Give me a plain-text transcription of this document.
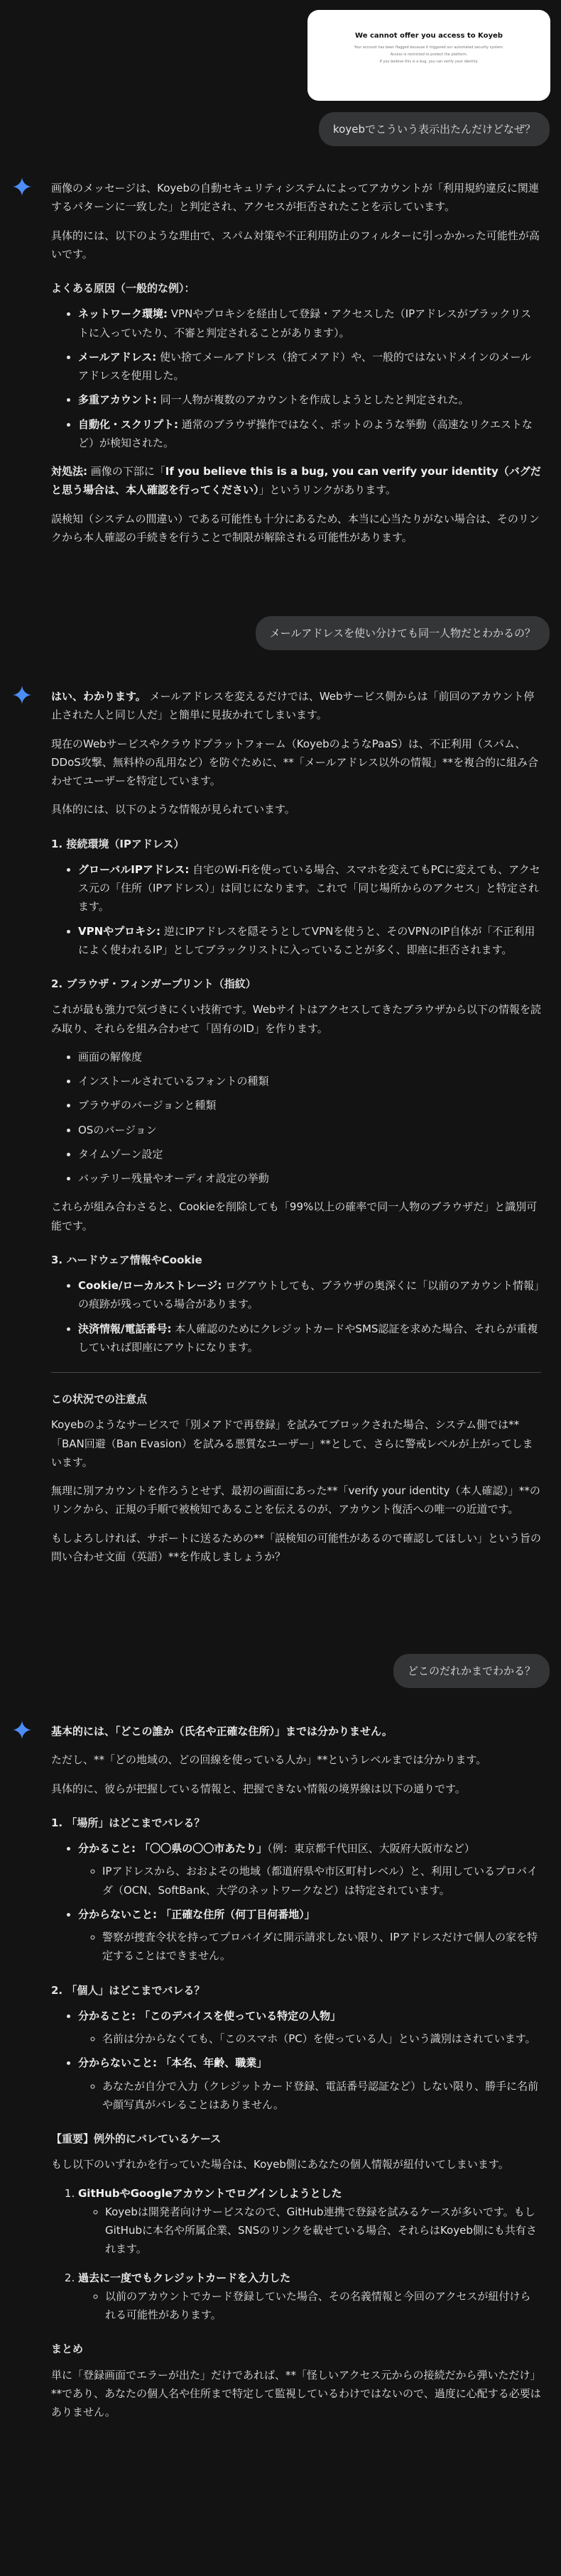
We cannot offer you access to Koyeb
Your account has been flagged because it triggered our automated security system.
Access is restricted to protect the platform.
If you believe this is a bug, you can verify your identity.
koyebでこういう表示出たんだけどなぜ？

画像のメッセージは、Koyebの自動セキュリティシステムによってアカウントが「利用規約違反に関連するパターンに一致した」と判定され、アクセスが拒否されたことを示しています。

具体的には、以下のような理由で、スパム対策や不正利用防止のフィルターに引っかかった可能性が高いです。

よくある原因（一般的な例）：
• ネットワーク環境: VPNやプロキシを経由して登録・アクセスした（IPアドレスがブラックリストに入っていたり、不審と判定されることがあります）。
• メールアドレス: 使い捨てメールアドレス（捨てメアド）や、一般的ではないドメインのメールアドレスを使用した。
• 多重アカウント: 同一人物が複数のアカウントを作成しようとしたと判定された。
• 自動化・スクリプト: 通常のブラウザ操作ではなく、ボットのような挙動（高速なリクエストなど）が検知された。

対処法: 画像の下部に「If you believe this is a bug, you can verify your identity（バグだと思う場合は、本人確認を行ってください）」というリンクがあります。

誤検知（システムの間違い）である可能性も十分にあるため、本当に心当たりがない場合は、そのリンクから本人確認の手続きを行うことで制限が解除される可能性があります。

メールアドレスを使い分けても同一人物だとわかるの？

はい、わかります。 メールアドレスを変えるだけでは、Webサービス側からは「前回のアカウント停止された人と同じ人だ」と簡単に見抜かれてしまいます。

現在のWebサービスやクラウドプラットフォーム（KoyebのようなPaaS）は、不正利用（スパム、DDoS攻撃、無料枠の乱用など）を防ぐために、**「メールアドレス以外の情報」**を複合的に組み合わせてユーザーを特定しています。

具体的には、以下のような情報が見られています。

1. 接続環境（IPアドレス）
• グローバルIPアドレス: 自宅のWi-Fiを使っている場合、スマホを変えてもPCに変えても、アクセス元の「住所（IPアドレス）」は同じになります。これで「同じ場所からのアクセス」と特定されます。
• VPNやプロキシ: 逆にIPアドレスを隠そうとしてVPNを使うと、そのVPNのIP自体が「不正利用によく使われるIP」としてブラックリストに入っていることが多く、即座に拒否されます。
2. ブラウザ・フィンガープリント（指紋）

これが最も強力で気づきにくい技術です。Webサイトはアクセスしてきたブラウザから以下の情報を読み取り、それらを組み合わせて「固有のID」を作ります。

• 画面の解像度
• インストールされているフォントの種類
• ブラウザのバージョンと種類
• OSのバージョン
• タイムゾーン設定
• バッテリー残量やオーディオ設定の挙動

これらが組み合わさると、Cookieを削除しても「99%以上の確率で同一人物のブラウザだ」と識別可能です。

3. ハードウェア情報やCookie
• Cookie/ローカルストレージ: ログアウトしても、ブラウザの奥深くに「以前のアカウント情報」の痕跡が残っている場合があります。
• 決済情報/電話番号: 本人確認のためにクレジットカードやSMS認証を求めた場合、それらが重複していれば即座にアウトになります。
この状況での注意点

Koyebのようなサービスで「別メアドで再登録」を試みてブロックされた場合、システム側では**「BAN回避（Ban Evasion）を試みる悪質なユーザー」**として、さらに警戒レベルが上がってしまいます。

無理に別アカウントを作ろうとせず、最初の画面にあった**「verify your identity（本人確認）」**のリンクから、正規の手順で被検知であることを伝えるのが、アカウント復活への唯一の近道です。

もしよろしければ、サポートに送るための**「誤検知の可能性があるので確認してほしい」という旨の問い合わせ文面（英語）**を作成しましょうか？

どこのだれかまでわかる？

基本的には、「どこの誰か（氏名や正確な住所）」までは分かりません。

ただし、**「どの地域の、どの回線を使っている人か」**というレベルまでは分かります。

具体的に、彼らが把握している情報と、把握できない情報の境界線は以下の通りです。

1. 「場所」はどこまでバレる？
• 分かること: 「〇〇県の〇〇市あたり」（例：東京都千代田区、大阪府大阪市など）
◦ IPアドレスから、おおよその地域（都道府県や市区町村レベル）と、利用しているプロバイダ（OCN、SoftBank、大学のネットワークなど）は特定されています。
• 分からないこと: 「正確な住所（何丁目何番地）」
◦ 警察が捜査令状を持ってプロバイダに開示請求しない限り、IPアドレスだけで個人の家を特定することはできません。
2. 「個人」はどこまでバレる？
• 分かること: 「このデバイスを使っている特定の人物」
◦ 名前は分からなくても、「このスマホ（PC）を使っている人」という識別はされています。
• 分からないこと: 「本名、年齢、職業」
◦ あなたが自分で入力（クレジットカード登録、電話番号認証など）しない限り、勝手に名前や顔写真がバレることはありません。
【重要】例外的にバレているケース

もし以下のいずれかを行っていた場合は、Koyeb側にあなたの個人情報が紐付いてしまいます。

1. GitHubやGoogleアカウントでログインしようとした
◦ Koyebは開発者向けサービスなので、GitHub連携で登録を試みるケースが多いです。もしGitHubに本名や所属企業、SNSのリンクを載せている場合、それらはKoyeb側にも共有されます。
2. 過去に一度でもクレジットカードを入力した
◦ 以前のアカウントでカード登録していた場合、その名義情報と今回のアクセスが紐付けられる可能性があります。
まとめ

単に「登録画面でエラーが出た」だけであれば、**「怪しいアクセス元からの接続だから弾いただけ」**であり、あなたの個人名や住所まで特定して監視しているわけではないので、過度に心配する必要はありません。
